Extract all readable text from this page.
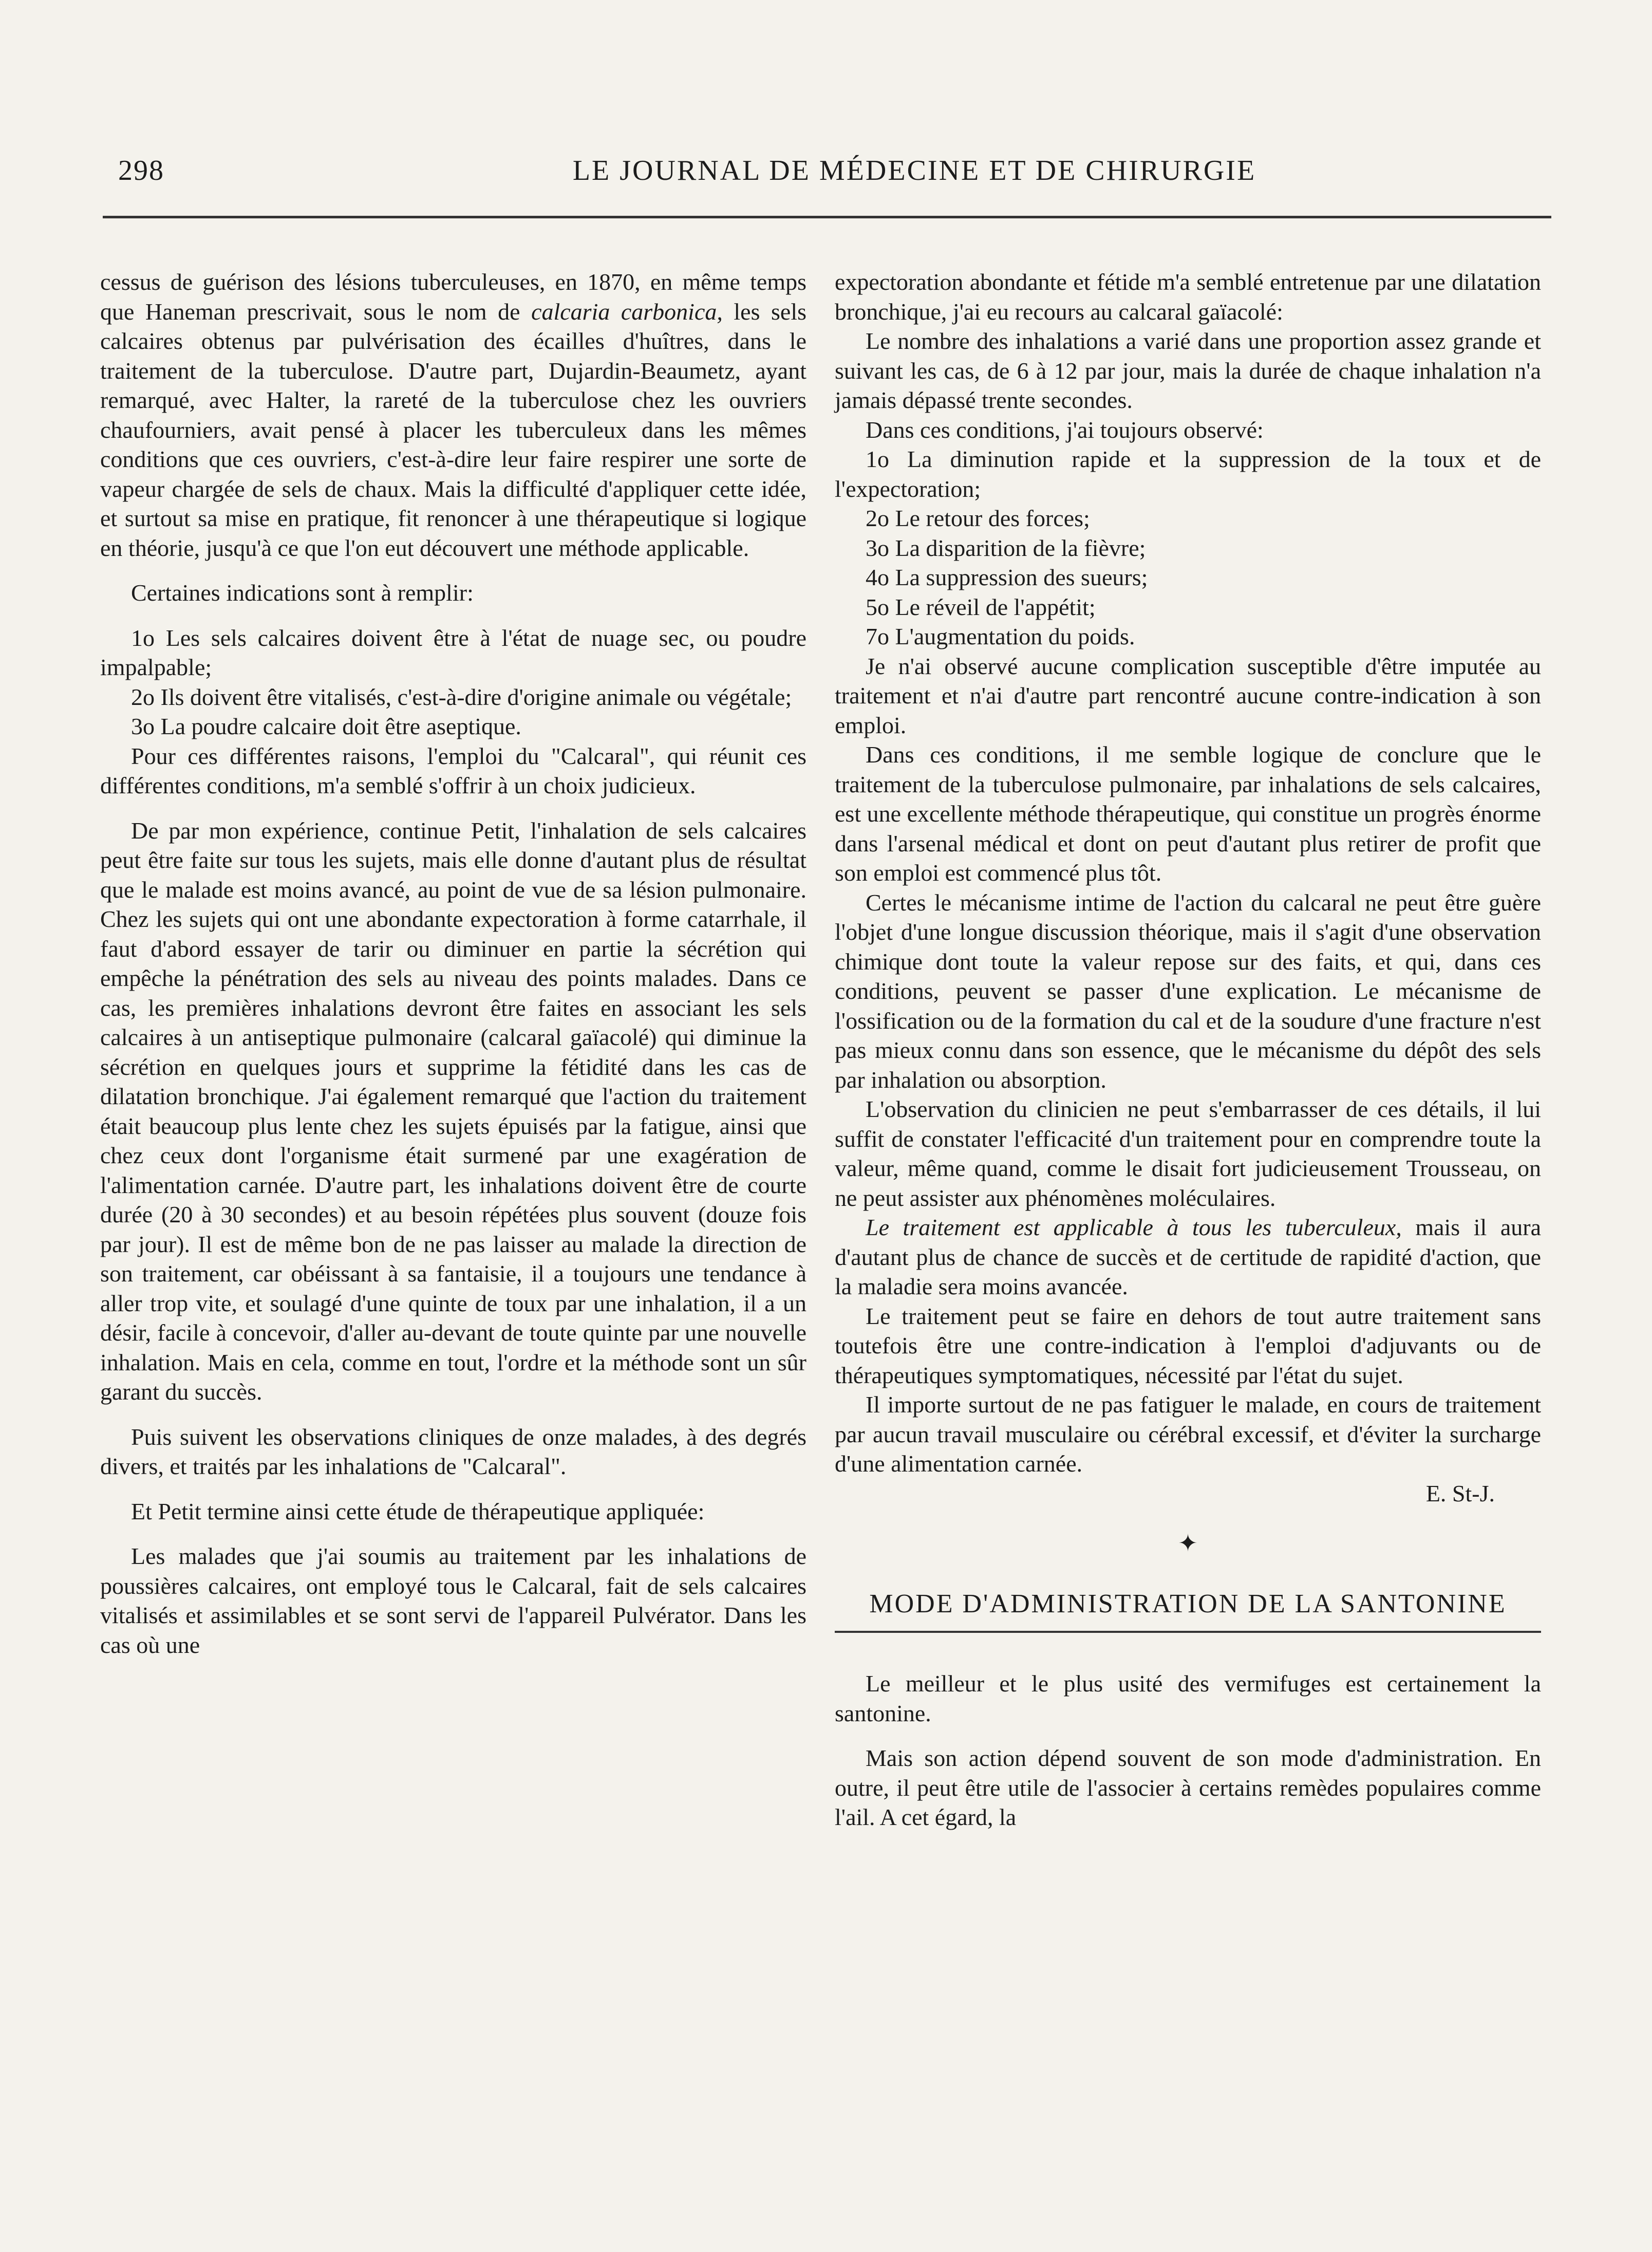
298	LE JOURNAL DE MÉDECINE ET DE CHIRURGIE

cessus de guérison des lésions tuberculeuses, en 1870, en même temps que Haneman prescrivait, sous le nom de calcaria carbonica, les sels calcaires obtenus par pulvérisation des écailles d'huîtres, dans le traitement de la tuberculose. D'autre part, Dujardin-Beaumetz, ayant remarqué, avec Halter, la rareté de la tuberculose chez les ouvriers chaufourniers, avait pensé à placer les tuberculeux dans les mêmes conditions que ces ouvriers, c'est-à-dire leur faire respirer une sorte de vapeur chargée de sels de chaux. Mais la difficulté d'appliquer cette idée, et surtout sa mise en pratique, fit renoncer à une thérapeutique si logique en théorie, jusqu'à ce que l'on eut découvert une méthode applicable.

Certaines indications sont à remplir:

1o Les sels calcaires doivent être à l'état de nuage sec, ou poudre impalpable;

2o Ils doivent être vitalisés, c'est-à-dire d'origine animale ou végétale;

3o La poudre calcaire doit être aseptique.

Pour ces différentes raisons, l'emploi du "Calcaral", qui réunit ces différentes conditions, m'a semblé s'offrir à un choix judicieux.

De par mon expérience, continue Petit, l'inhalation de sels calcaires peut être faite sur tous les sujets, mais elle donne d'autant plus de résultat que le malade est moins avancé, au point de vue de sa lésion pulmonaire. Chez les sujets qui ont une abondante expectoration à forme catarrhale, il faut d'abord essayer de tarir ou diminuer en partie la sécrétion qui empêche la pénétration des sels au niveau des points malades. Dans ce cas, les premières inhalations devront être faites en associant les sels calcaires à un antiseptique pulmonaire (calcaral gaïacolé) qui diminue la sécrétion en quelques jours et supprime la fétidité dans les cas de dilatation bronchique. J'ai également remarqué que l'action du traitement était beaucoup plus lente chez les sujets épuisés par la fatigue, ainsi que chez ceux dont l'organisme était surmené par une exagération de l'alimentation carnée. D'autre part, les inhalations doivent être de courte durée (20 à 30 secondes) et au besoin répétées plus souvent (douze fois par jour). Il est de même bon de ne pas laisser au malade la direction de son traitement, car obéissant à sa fantaisie, il a toujours une tendance à aller trop vite, et soulagé d'une quinte de toux par une inhalation, il a un désir, facile à concevoir, d'aller au-devant de toute quinte par une nouvelle inhalation. Mais en cela, comme en tout, l'ordre et la méthode sont un sûr garant du succès.

Puis suivent les observations cliniques de onze malades, à des degrés divers, et traités par les inhalations de "Calcaral".

Et Petit termine ainsi cette étude de thérapeutique appliquée:

Les malades que j'ai soumis au traitement par les inhalations de poussières calcaires, ont employé tous le Calcaral, fait de sels calcaires vitalisés et assimilables et se sont servi de l'appareil Pulvérator. Dans les cas où une

expectoration abondante et fétide m'a semblé entretenue par une dilatation bronchique, j'ai eu recours au calcaral gaïacolé:

Le nombre des inhalations a varié dans une proportion assez grande et suivant les cas, de 6 à 12 par jour, mais la durée de chaque inhalation n'a jamais dépassé trente secondes.

Dans ces conditions, j'ai toujours observé:

1o La diminution rapide et la suppression de la toux et de l'expectoration;

2o Le retour des forces;

3o La disparition de la fièvre;

4o La suppression des sueurs;

5o Le réveil de l'appétit;

7o L'augmentation du poids.

Je n'ai observé aucune complication susceptible d'être imputée au traitement et n'ai d'autre part rencontré aucune contre-indication à son emploi.

Dans ces conditions, il me semble logique de conclure que le traitement de la tuberculose pulmonaire, par inhalations de sels calcaires, est une excellente méthode thérapeutique, qui constitue un progrès énorme dans l'arsenal médical et dont on peut d'autant plus retirer de profit que son emploi est commencé plus tôt.

Certes le mécanisme intime de l'action du calcaral ne peut être guère l'objet d'une longue discussion théorique, mais il s'agit d'une observation chimique dont toute la valeur repose sur des faits, et qui, dans ces conditions, peuvent se passer d'une explication. Le mécanisme de l'ossification ou de la formation du cal et de la soudure d'une fracture n'est pas mieux connu dans son essence, que le mécanisme du dépôt des sels par inhalation ou absorption.

L'observation du clinicien ne peut s'embarrasser de ces détails, il lui suffit de constater l'efficacité d'un traitement pour en comprendre toute la valeur, même quand, comme le disait fort judicieusement Trousseau, on ne peut assister aux phénomènes moléculaires.

Le traitement est applicable à tous les tuberculeux, mais il aura d'autant plus de chance de succès et de certitude de rapidité d'action, que la maladie sera moins avancée.

Le traitement peut se faire en dehors de tout autre traitement sans toutefois être une contre-indication à l'emploi d'adjuvants ou de thérapeutiques symptomatiques, nécessité par l'état du sujet.

Il importe surtout de ne pas fatiguer le malade, en cours de traitement par aucun travail musculaire ou cérébral excessif, et d'éviter la surcharge d'une alimentation carnée.

E. St-J.

✦
MODE D'ADMINISTRATION DE LA SANTONINE

Le meilleur et le plus usité des vermifuges est certainement la santonine.

Mais son action dépend souvent de son mode d'administration. En outre, il peut être utile de l'associer à certains remèdes populaires comme l'ail. A cet égard, la
